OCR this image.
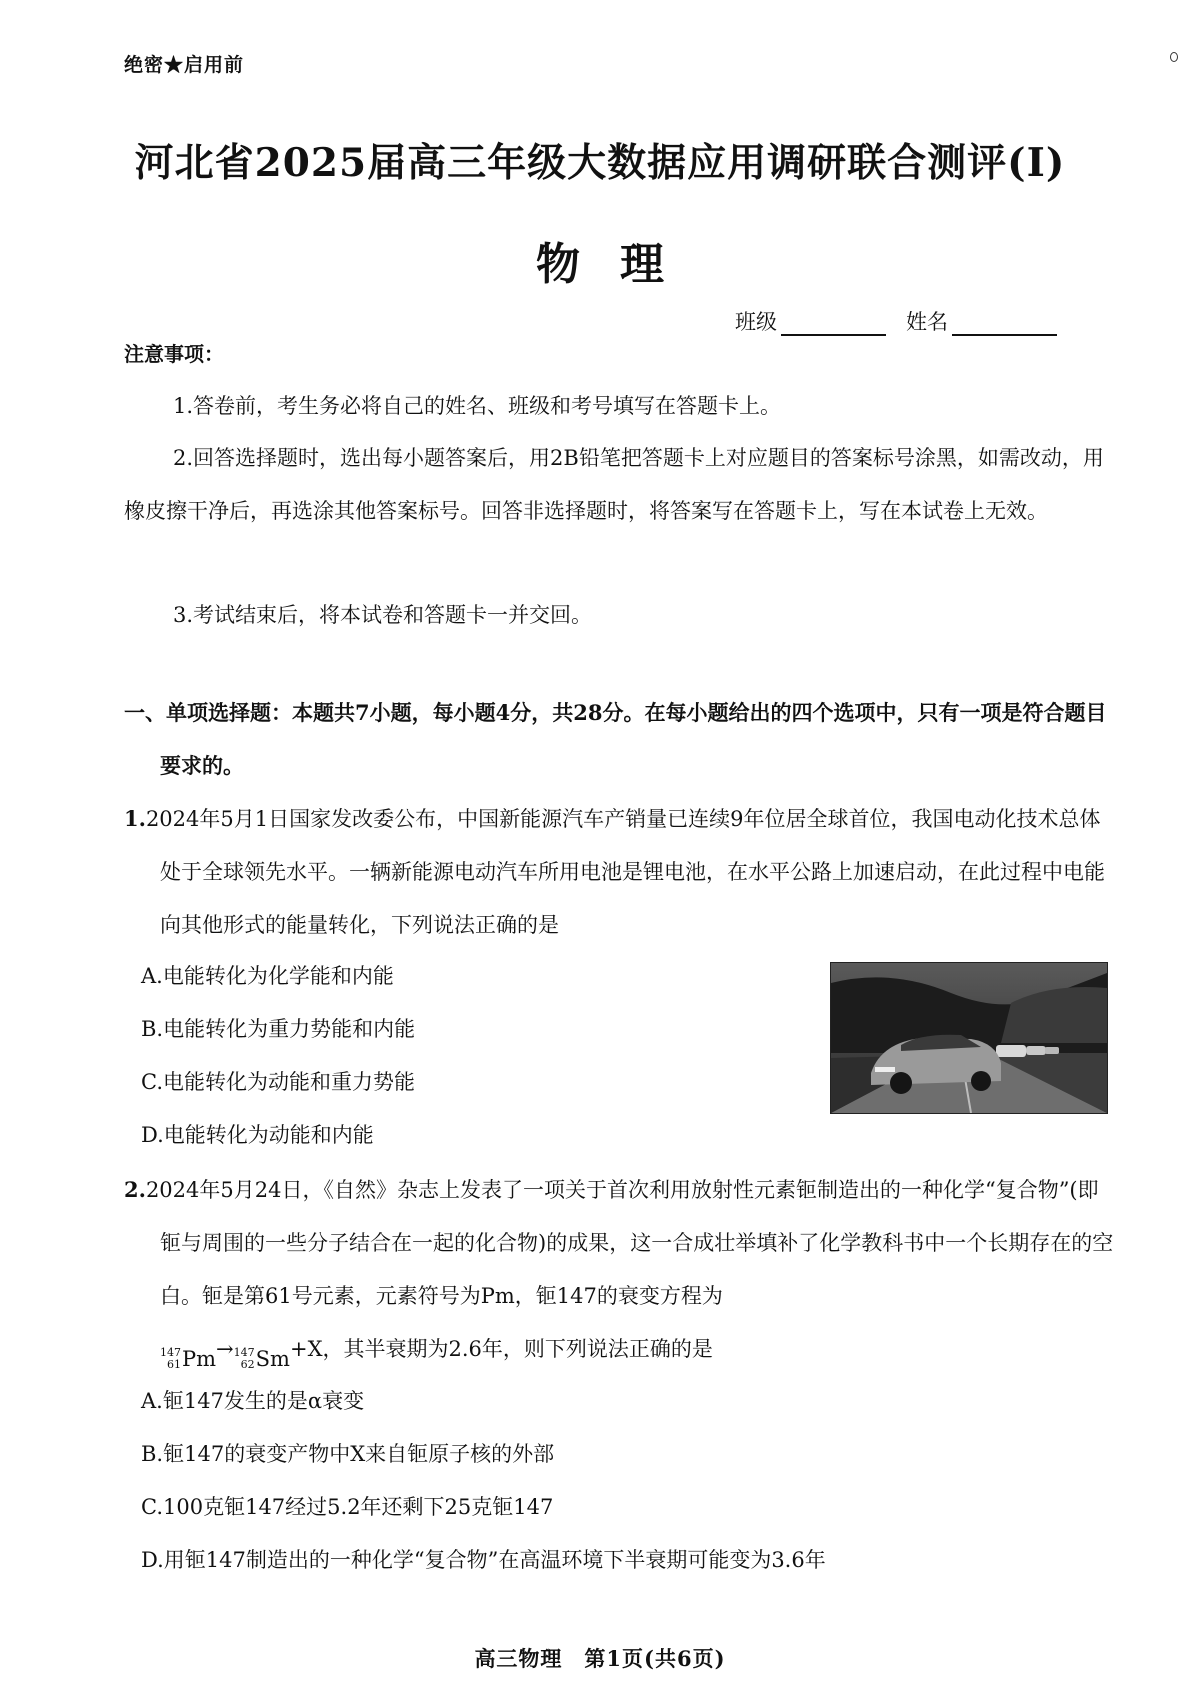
绝密★启用前
河北省2025届高三年级大数据应用调研联合测评(Ⅰ)
物理
班级	姓名
注意事项：
1.答卷前，考生务必将自己的姓名、班级和考号填写在答题卡上。
2.回答选择题时，选出每小题答案后，用2B铅笔把答题卡上对应题目的答案标号涂黑，如需改动，用橡皮擦干净后，再选涂其他答案标号。回答非选择题时，将答案写在答题卡上，写在本试卷上无效。
3.考试结束后，将本试卷和答题卡一并交回。
一、单项选择题：本题共7小题，每小题4分，共28分。在每小题给出的四个选项中，只有一项是符合题目要求的。
1.2024年5月1日国家发改委公布，中国新能源汽车产销量已连续9年位居全球首位，我国电动化技术总体处于全球领先水平。一辆新能源电动汽车所用电池是锂电池，在水平公路上加速启动，在此过程中电能向其他形式的能量转化，下列说法正确的是
A.电能转化为化学能和内能
B.电能转化为重力势能和内能
C.电能转化为动能和重力势能
D.电能转化为动能和内能
2.2024年5月24日，《自然》杂志上发表了一项关于首次利用放射性元素钷制造出的一种化学“复合物”(即钷与周围的一些分子结合在一起的化合物)的成果，这一合成壮举填补了化学教科书中一个长期存在的空白。钷是第61号元素，元素符号为Pm，钷147的衰变方程为

147
61 Pm → 147
62 Sm +X，其半衰期为2.6年，则下列说法正确的是
A.钷147发生的是α衰变
B.钷147的衰变产物中X来自钷原子核的外部
C.100克钷147经过5.2年还剩下25克钷147
D.用钷147制造出的一种化学“复合物”在高温环境下半衰期可能变为3.6年
高三物理　第1页(共6页)
